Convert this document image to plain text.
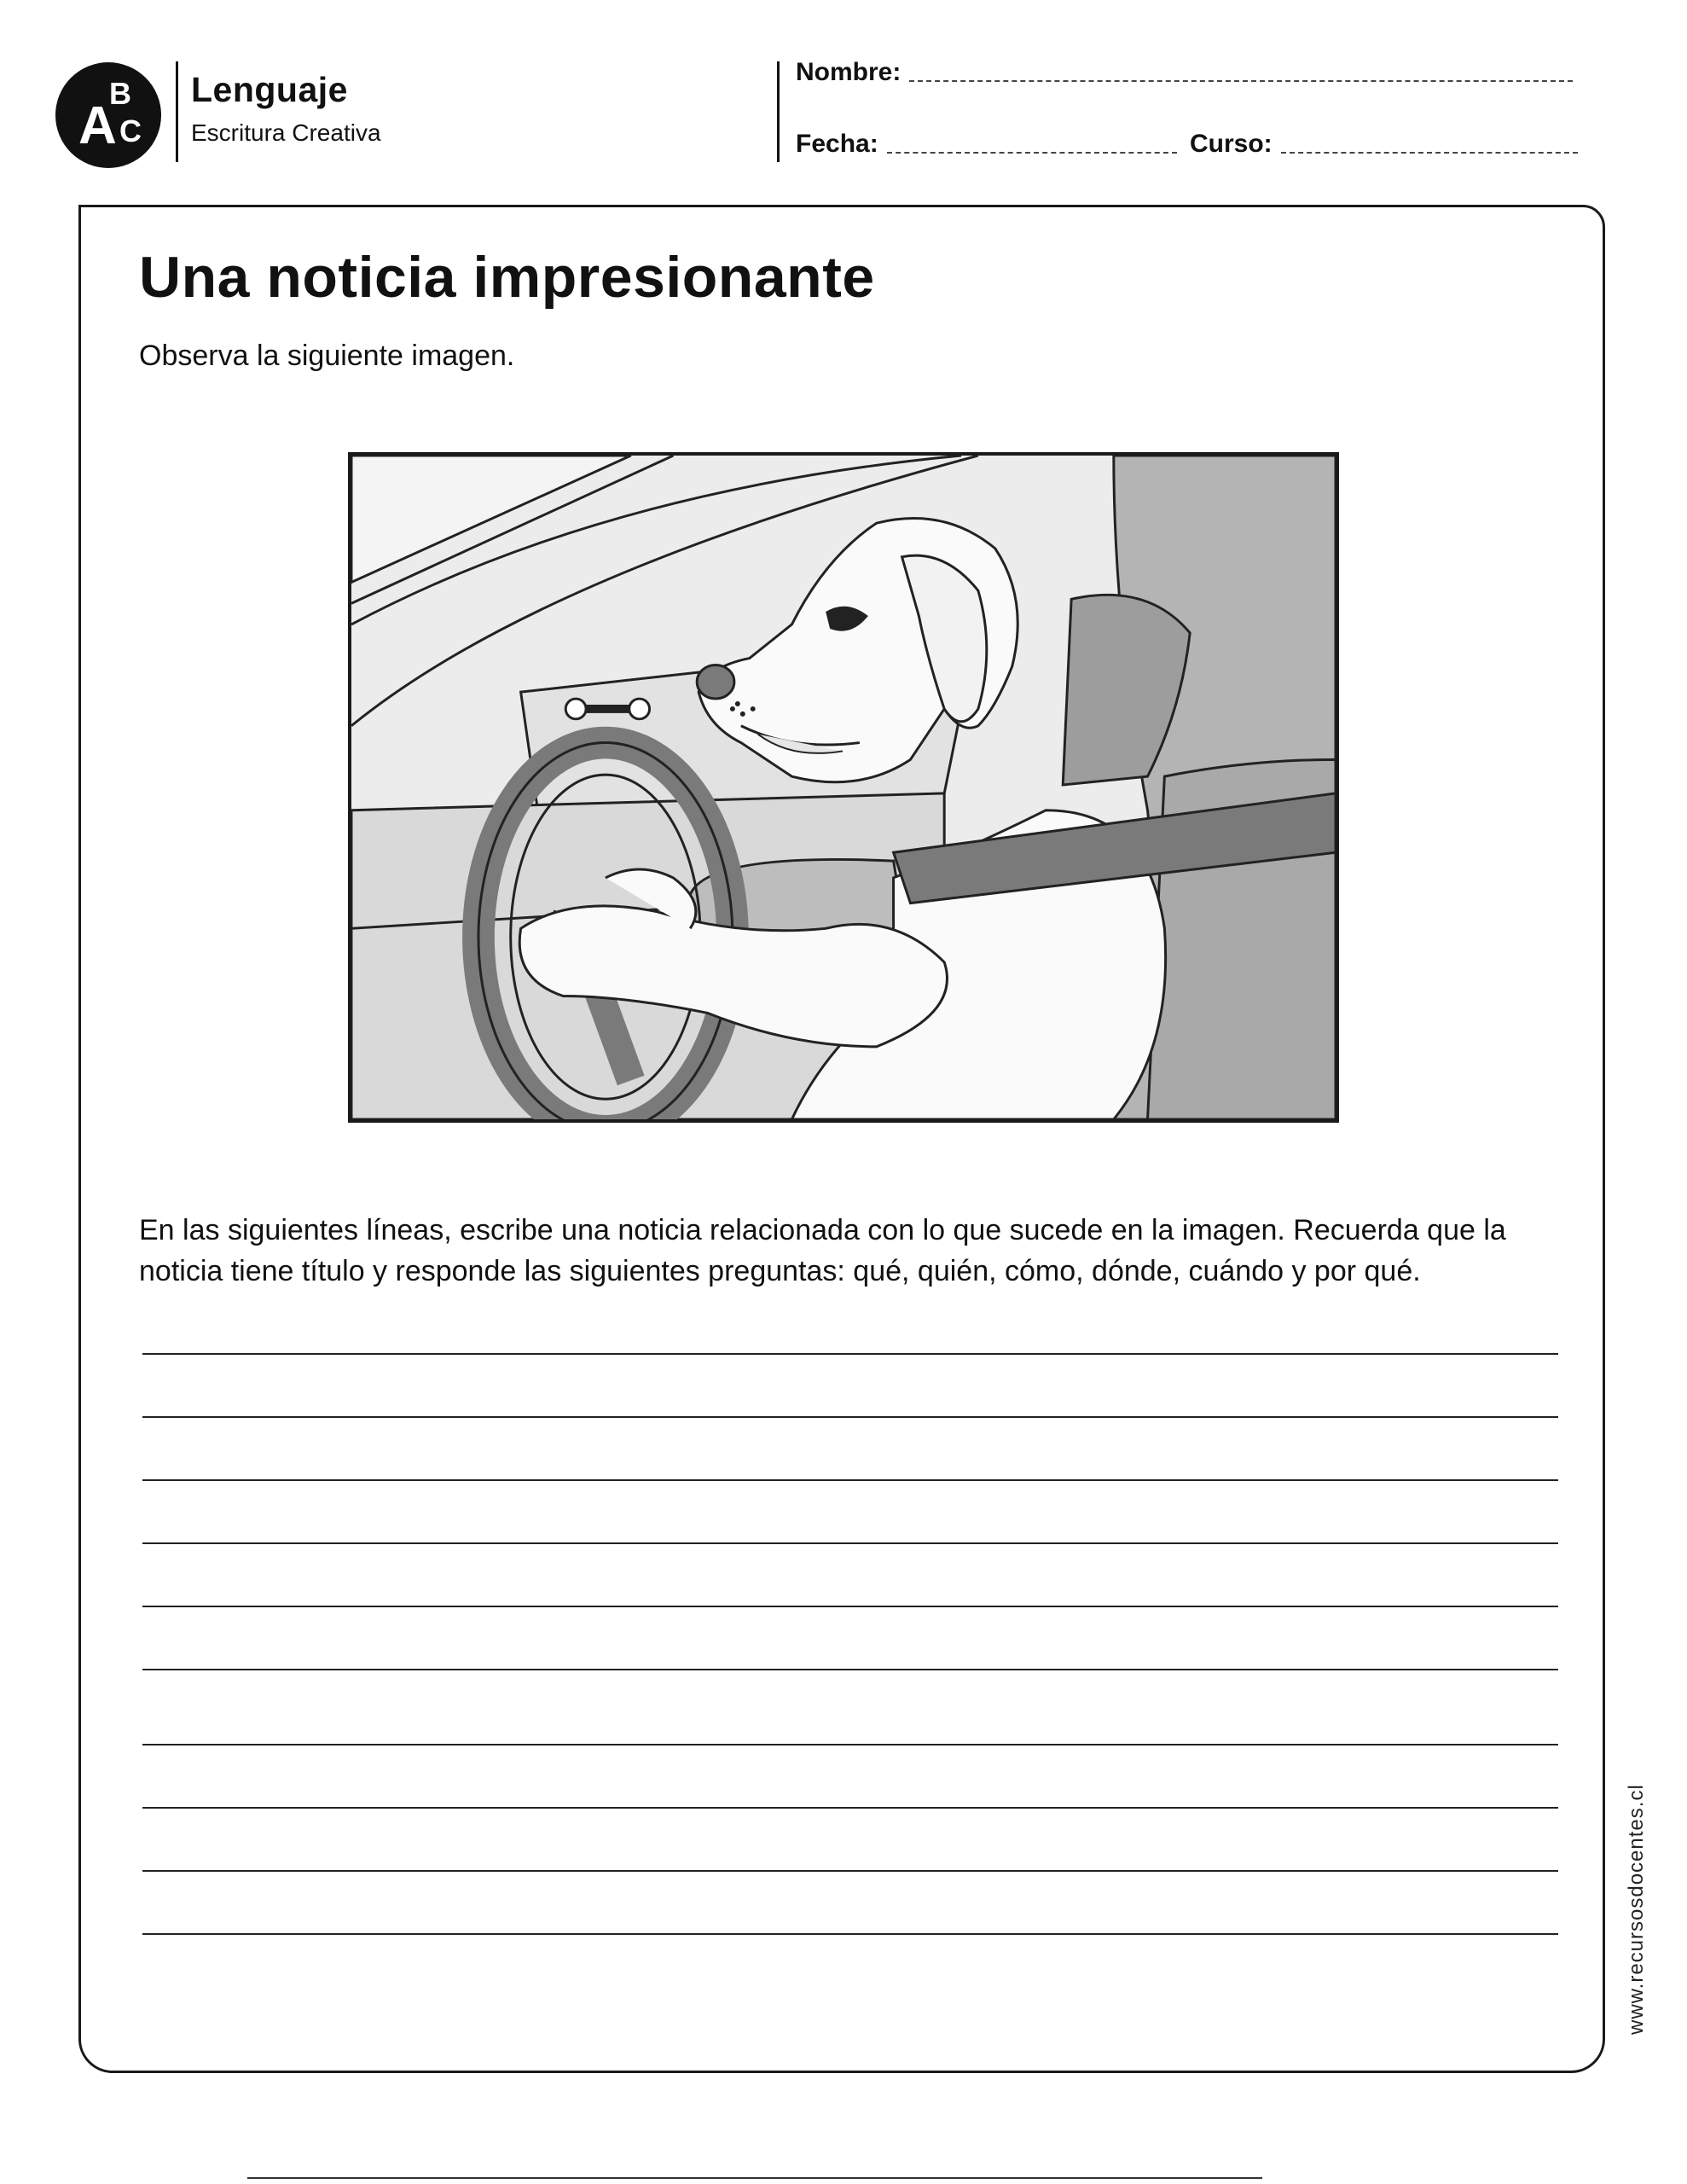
A
B
C
Lenguaje
Escritura Creativa
Nombre:
Fecha:	Curso:
Una noticia impresionante
Observa la siguiente imagen.
En las siguientes líneas, escribe una noticia relacionada con lo que sucede en la imagen. Recuerda que la noticia tiene título y responde las siguientes preguntas: qué, quién, cómo, dónde, cuándo y por qué.
www.recursosdocentes.cl
